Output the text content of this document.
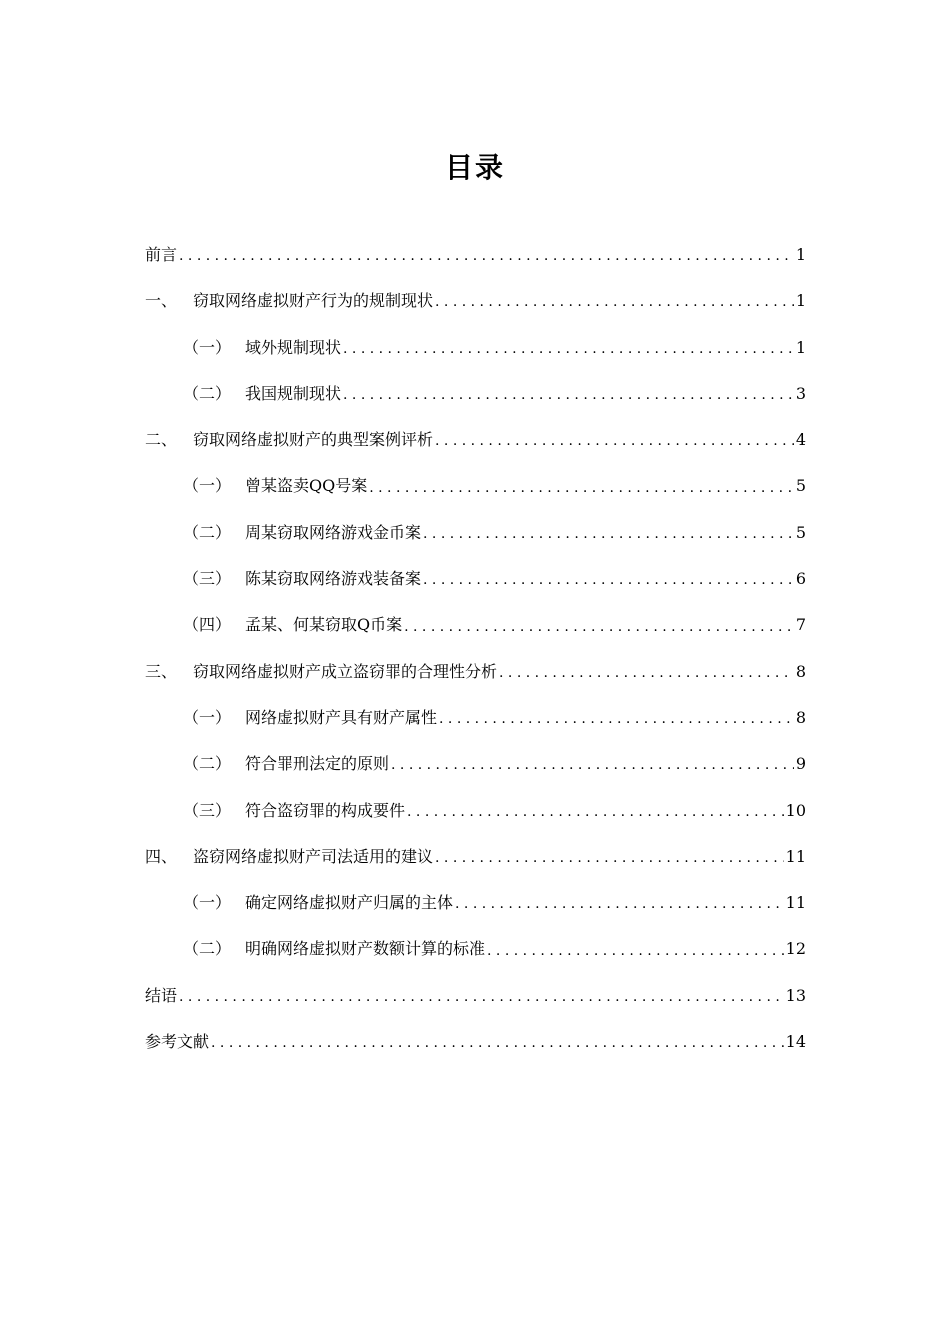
目录
前言 . . .	1
一、 窃取网络虚拟财产行为的规制现状 . . .	1
（一） 域外规制现状 . . .	1
（二） 我国规制现状 . . .	3
二、 窃取网络虚拟财产的典型案例评析 . . .	4
（一） 曾某盗卖QQ号案 . . .	5
（二） 周某窃取网络游戏金币案 . . .	5
（三） 陈某窃取网络游戏装备案 . . .	6
（四） 孟某、何某窃取Q币案 . . .	7
三、 窃取网络虚拟财产成立盗窃罪的合理性分析 . . .	8
（一） 网络虚拟财产具有财产属性 . . .	8
（二） 符合罪刑法定的原则 . . .	9
（三） 符合盗窃罪的构成要件 . . .	10
四、 盗窃网络虚拟财产司法适用的建议 . . .	11
（一） 确定网络虚拟财产归属的主体 . . .	11
（二） 明确网络虚拟财产数额计算的标准 . . .	12
结语 . . .	13
参考文献 . . .	14
